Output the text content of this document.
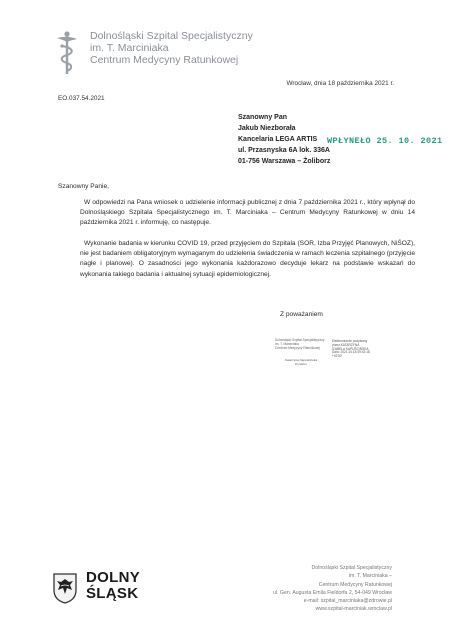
Dolnośląski Szpital Specjalistyczny
im. T. Marciniaka
Centrum Medycyny Ratunkowej
Wrocław, dnia 18 października 2021 r.
EO.037.54.2021
Szanowny Pan
Jakub Niezborała
Kancelaria LEGA ARTIS
ul. Przasnyska 6A lok. 336A
01-756 Warszawa – Żoliborz
WPŁYNEŁO 25. 10. 2021
Szanowny Panie,
W odpowiedzi na Pana wniosek o udzielenie informacji publicznej z dnia 7 października 2021 r., który wpłynął do Dolnośląskiego Szpitala Specjalistycznego im. T. Marciniaka – Centrum Medycyny Ratunkowej w dniu 14 października 2021 r. informuję, co następuje.
Wykonanie badania w kierunku COVID 19, przed przyjęciem do Szpitala (SOR, Izba Przyjęć Planowych, NiŚOZ), nie jest badaniem obligatoryjnym wymaganym do udzielenia świadczenia w ramach leczenia szpitalnego (przyjęcie nagłe i planowe). O zasadności jego wykonania każdorazowo decyduje lekarz na podstawie wskazań do wykonania takiego badania i aktualnej sytuacji epidemiologicznej.
Z poważaniem
Dolnośląski Szpital Specjalistyczny
im. T. Marciniaka
Centrum Medycyny Ratunkowej
Katarzyna Kapuścińska
Dyrektor
Elektronicznie podpisany
przez KATARZYNA
IZABELA KAPUŚCIŃSKA
Data: 2021.10.18 09:43:18
+02'00'
DOLNY
ŚLĄSK
Dolnośląski Szpital Specjalistyczny
im. T. Marciniaka –
Centrum Medycyny Ratunkowej
ul. Gen. Augusta Emila Fieldorfa 2, 54-049 Wrocław
e-mail: szpital_marciniaka@zdrowie.pl
www.szpital-marciniak.wroclaw.pl
